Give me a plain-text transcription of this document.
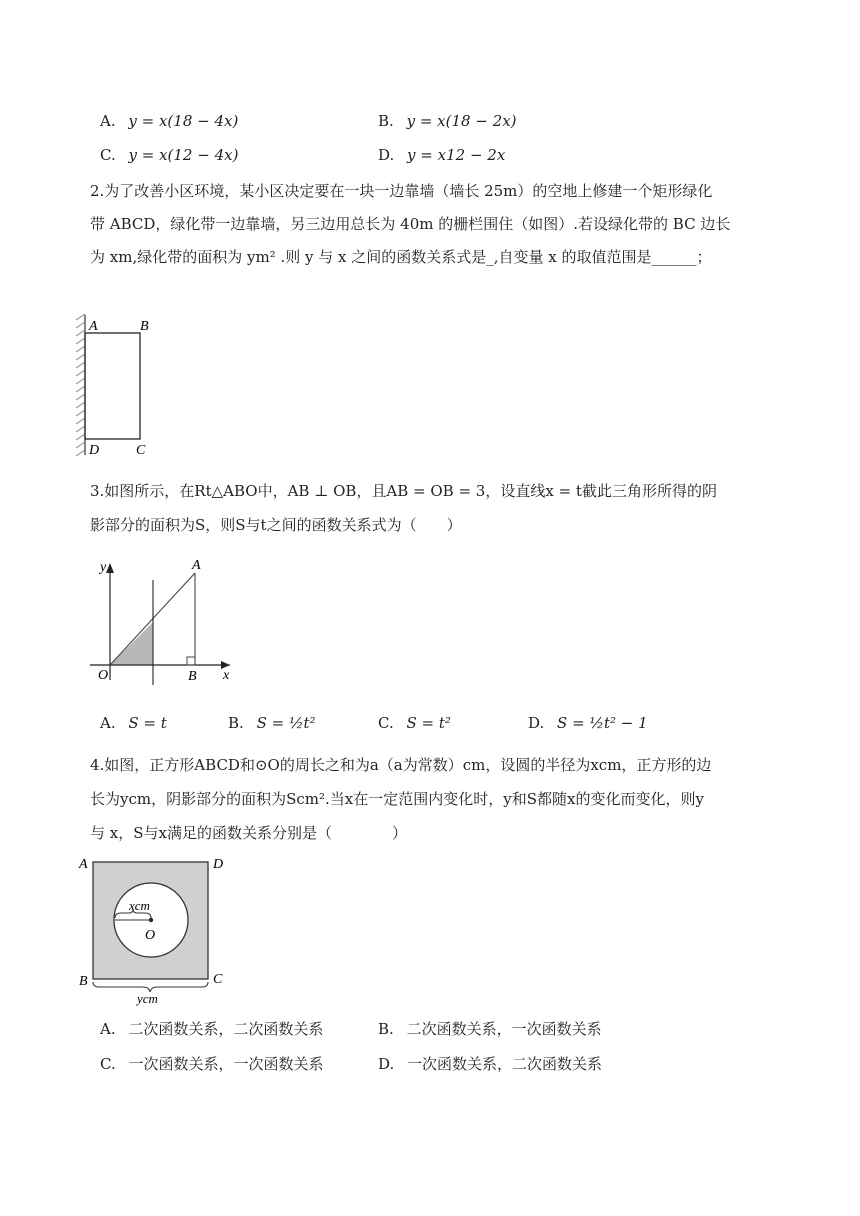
A. y = x(18 − 4x)	B. y = x(18 − 2x)
C. y = x(12 − 4x)	D. y = x12 − 2x
2.为了改善小区环境，某小区决定要在一块一边靠墙（墙长 25m）的空地上修建一个矩形绿化
带 ABCD，绿化带一边靠墙，另三边用总长为 40m 的栅栏围住（如图）.若设绿化带的 BC 边长
为 xm,绿化带的面积为 ym² .则 y 与 x 之间的函数关系式是_,自变量 x 的取值范围是______；
A	B
D	C
3.如图所示，在Rt△ABO中，AB ⊥ OB，且AB = OB = 3，设直线x = t截此三角形所得的阴
影部分的面积为S，则S与t之间的函数关系式为（　　）
y
x
A
O	B
A. S = t	B. S = ½t²	C. S = t²	D. S = ½t² − 1
4.如图，正方形ABCD和⊙O的周长之和为a（a为常数）cm，设圆的半径为xcm，正方形的边
长为ycm，阴影部分的面积为Scm².当x在一定范围内变化时，y和S都随x的变化而变化，则y
与 x，S与x满足的函数关系分别是（　　　　）
A	D
B	C
xcm
O
ycm
A. 二次函数关系，二次函数关系	B. 二次函数关系，一次函数关系
C. 一次函数关系，一次函数关系	D. 一次函数关系，二次函数关系
